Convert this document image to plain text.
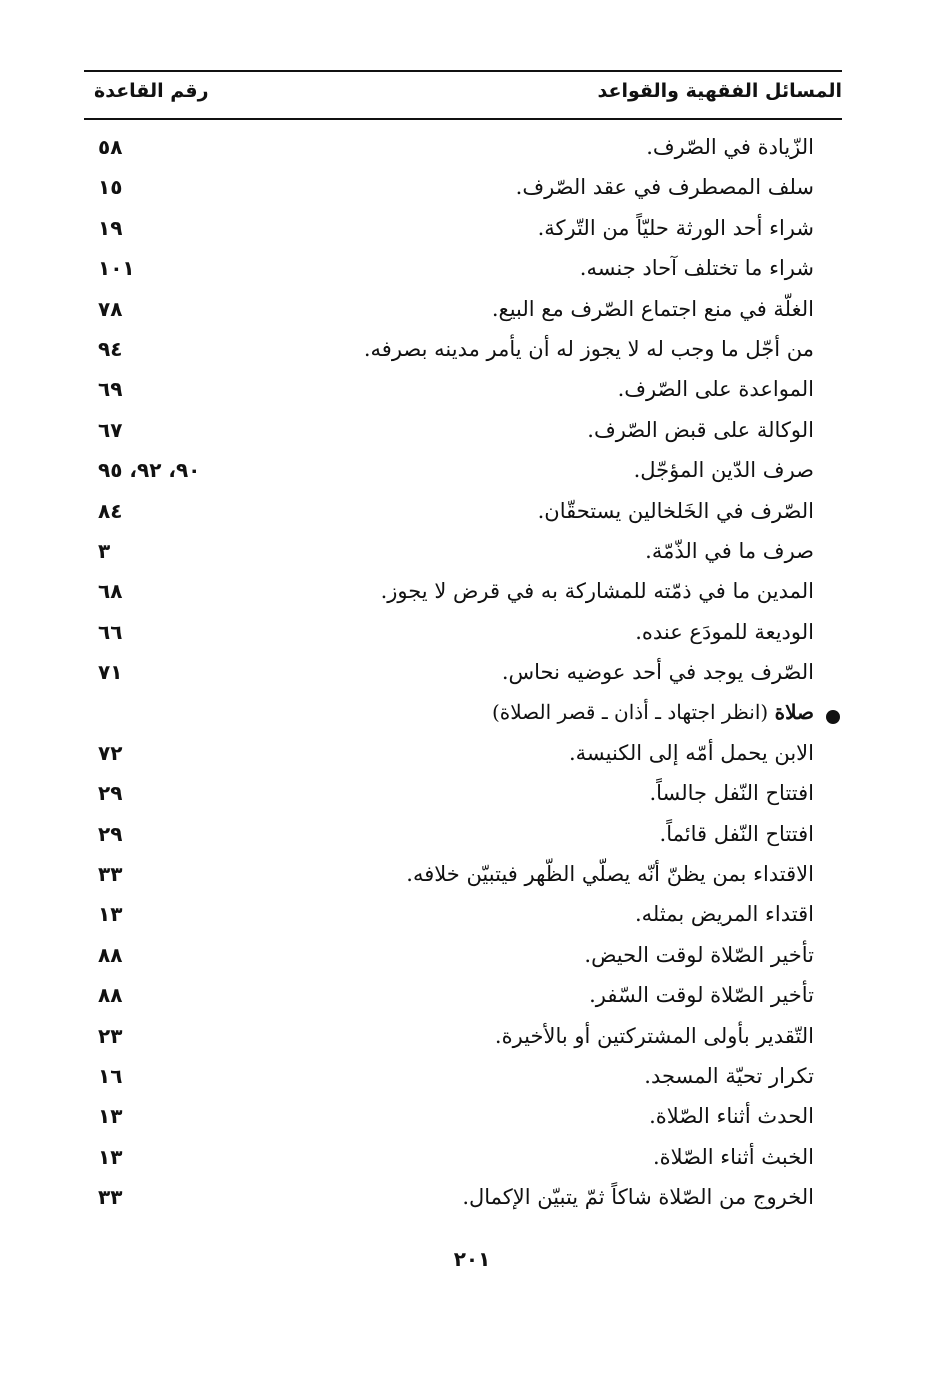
المسائل الفقهية والقواعد
رقم القاعدة
الزّيادة في الصّرف.
٥٨
سلف المصطرف في عقد الصّرف.
١٥
شراء أحد الورثة حليّاً من التّركة.
١٩
شراء ما تختلف آحاد جنسه.
١٠١
الغلّة في منع اجتماع الصّرف مع البيع.
٧٨
من أجّل ما وجب له لا يجوز له أن يأمر مدينه بصرفه.
٩٤
المواعدة على الصّرف.
٦٩
الوكالة على قبض الصّرف.
٦٧
صرف الدّين المؤجّل.
٩٠، ٩٢، ٩٥
الصّرف في الخَلخالين يستحقّان.
٨٤
صرف ما في الذّمّة.
٣
المدين ما في ذمّته للمشاركة به في قرض لا يجوز.
٦٨
الوديعة للمودَع عنده.
٦٦
الصّرف يوجد في أحد عوضيه نحاس.
٧١
صلاة (انظر اجتهاد ـ أذان ـ قصر الصلاة)
الابن يحمل أمّه إلى الكنيسة.
٧٢
افتتاح النّفل جالساً.
٢٩
افتتاح النّفل قائماً.
٢٩
الاقتداء بمن يظنّ أنّه يصلّي الظّهر فيتبيّن خلافه.
٣٣
اقتداء المريض بمثله.
١٣
تأخير الصّلاة لوقت الحيض.
٨٨
تأخير الصّلاة لوقت السّفر.
٨٨
التّقدير بأولى المشتركتين أو بالأخيرة.
٢٣
تكرار تحيّة المسجد.
١٦
الحدث أثناء الصّلاة.
١٣
الخبث أثناء الصّلاة.
١٣
الخروج من الصّلاة شاكاً ثمّ يتبيّن الإكمال.
٣٣
٢٠١
